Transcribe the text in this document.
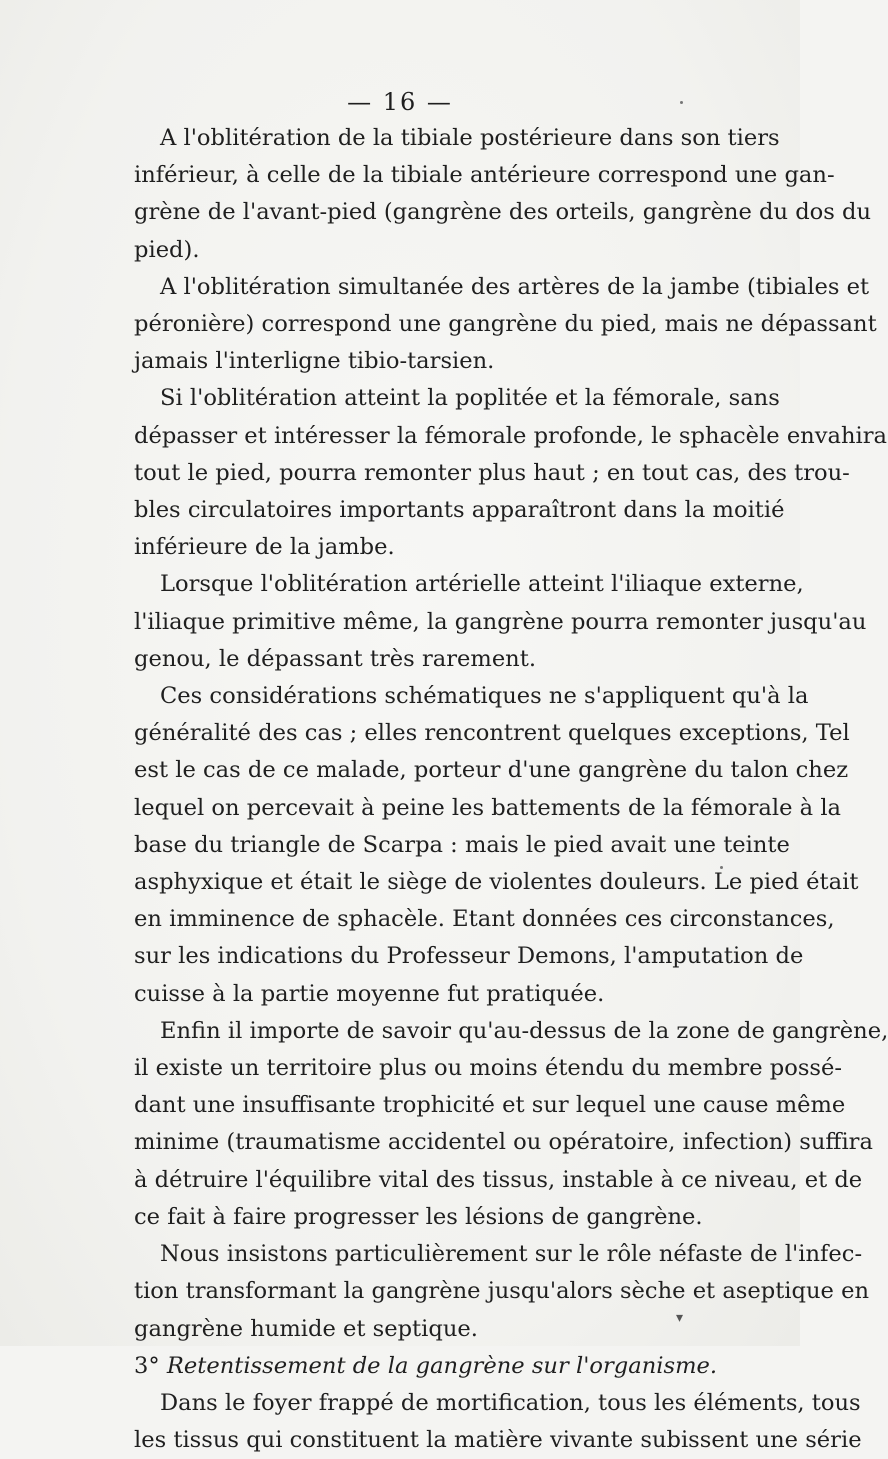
— 16 —

A l'oblitération de la tibiale postérieure dans son tiers
inférieur, à celle de la tibiale antérieure correspond une gan-
grène de l'avant-pied (gangrène des orteils, gangrène du dos du
pied).

A l'oblitération simultanée des artères de la jambe (tibiales et
péronière) correspond une gangrène du pied, mais ne dépassant
jamais l'interligne tibio-tarsien.

Si l'oblitération atteint la poplitée et la fémorale, sans
dépasser et intéresser la fémorale profonde, le sphacèle envahira
tout le pied, pourra remonter plus haut ; en tout cas, des trou-
bles circulatoires importants apparaîtront dans la moitié
inférieure de la jambe.

Lorsque l'oblitération artérielle atteint l'iliaque externe,
l'iliaque primitive même, la gangrène pourra remonter jusqu'au
genou, le dépassant très rarement.

Ces considérations schématiques ne s'appliquent qu'à la
généralité des cas ; elles rencontrent quelques exceptions, Tel
est le cas de ce malade, porteur d'une gangrène du talon chez
lequel on percevait à peine les battements de la fémorale à la
base du triangle de Scarpa : mais le pied avait une teinte
asphyxique et était le siège de violentes douleurs. Le pied était
en imminence de sphacèle. Etant données ces circonstances,
sur les indications du Professeur Demons, l'amputation de
cuisse à la partie moyenne fut pratiquée.

Enfin il importe de savoir qu'au-dessus de la zone de gangrène,
il existe un territoire plus ou moins étendu du membre possé-
dant une insuffisante trophicité et sur lequel une cause même
minime (traumatisme accidentel ou opératoire, infection) suffira
à détruire l'équilibre vital des tissus, instable à ce niveau, et de
ce fait à faire progresser les lésions de gangrène.

Nous insistons particulièrement sur le rôle néfaste de l'infec-
tion transformant la gangrène jusqu'alors sèche et aseptique en
gangrène humide et septique.

3° Retentissement de la gangrène sur l'organisme.

Dans le foyer frappé de mortification, tous les éléments, tous
les tissus qui constituent la matière vivante subissent une série

▾
